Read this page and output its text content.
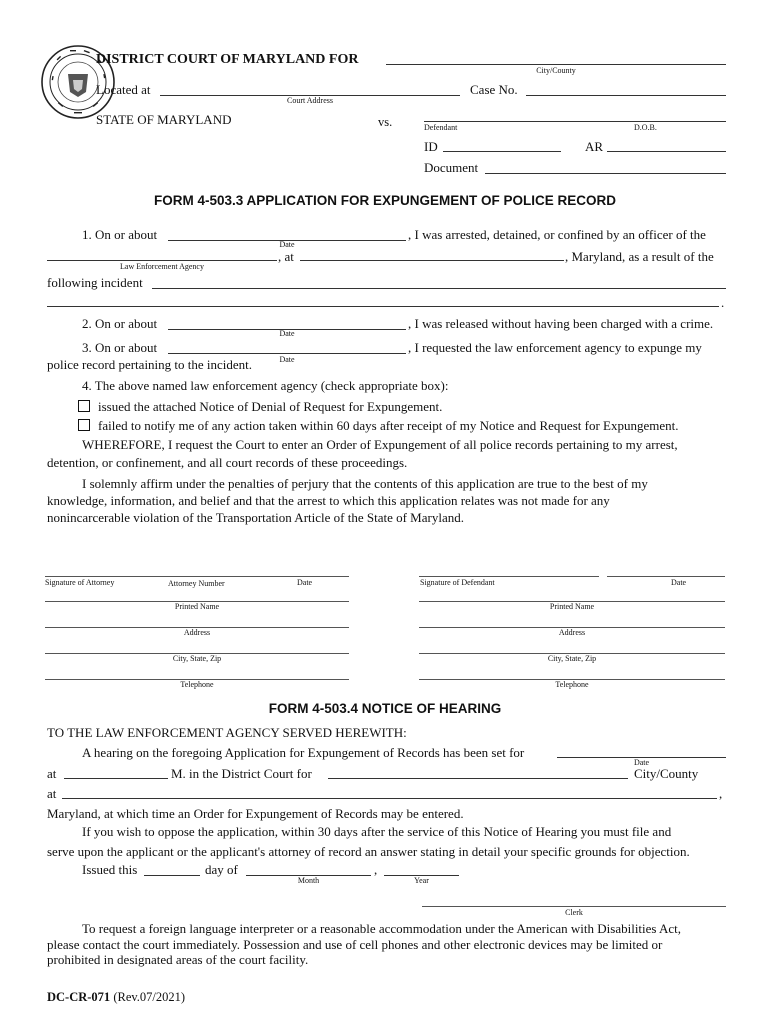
DISTRICT COURT OF MARYLAND FOR
City/County
Located at
Court Address
Case No.
STATE OF MARYLAND	vs.	Defendant	D.O.B.
ID	AR
Document
FORM 4-503.3 APPLICATION FOR EXPUNGEMENT OF POLICE RECORD
1. On or about
Date
, I was arrested, detained, or confined by an officer of the
Law Enforcement Agency
, at	, Maryland, as a result of the
following incident
.
2. On or about
Date
, I was released without having been charged with a crime.
3. On or about
Date
, I requested the law enforcement agency to expunge my
police record pertaining to the incident.
4. The above named law enforcement agency (check appropriate box):
issued the attached Notice of Denial of Request for Expungement.
failed to notify me of any action taken within 60 days after receipt of my Notice and Request for Expungement.
WHEREFORE, I request the Court to enter an Order of Expungement of all police records pertaining to my arrest,
detention, or confinement, and all court records of these proceedings.
I solemnly affirm under the penalties of perjury that the contents of this application are true to the best of my
knowledge, information, and belief and that the arrest to which this application relates was not made for any
nonincarcerable violation of the Transportation Article of the State of Maryland.
Signature of Attorney	Attorney Number	Date	Signature of Defendant	Date
Printed Name	Printed Name
Address	Address
City, State, Zip	City, State, Zip
Telephone	Telephone
FORM 4-503.4 NOTICE OF HEARING
TO THE LAW ENFORCEMENT AGENCY SERVED HEREWITH:
A hearing on the foregoing Application for Expungement of Records has been set for
Date
at	M. in the District Court for	City/County
at	,
Maryland, at which time an Order for Expungement of Records may be entered.
If you wish to oppose the application, within 30 days after the service of this Notice of Hearing you must file and
serve upon the applicant or the applicant's attorney of record an answer stating in detail your specific grounds for objection.
Issued this	day of
Month
,
Year
Clerk
To request a foreign language interpreter or a reasonable accommodation under the American with Disabilities Act,
please contact the court immediately. Possession and use of cell phones and other electronic devices may be limited or
prohibited in designated areas of the court facility.
DC-CR-071 (Rev.07/2021)
